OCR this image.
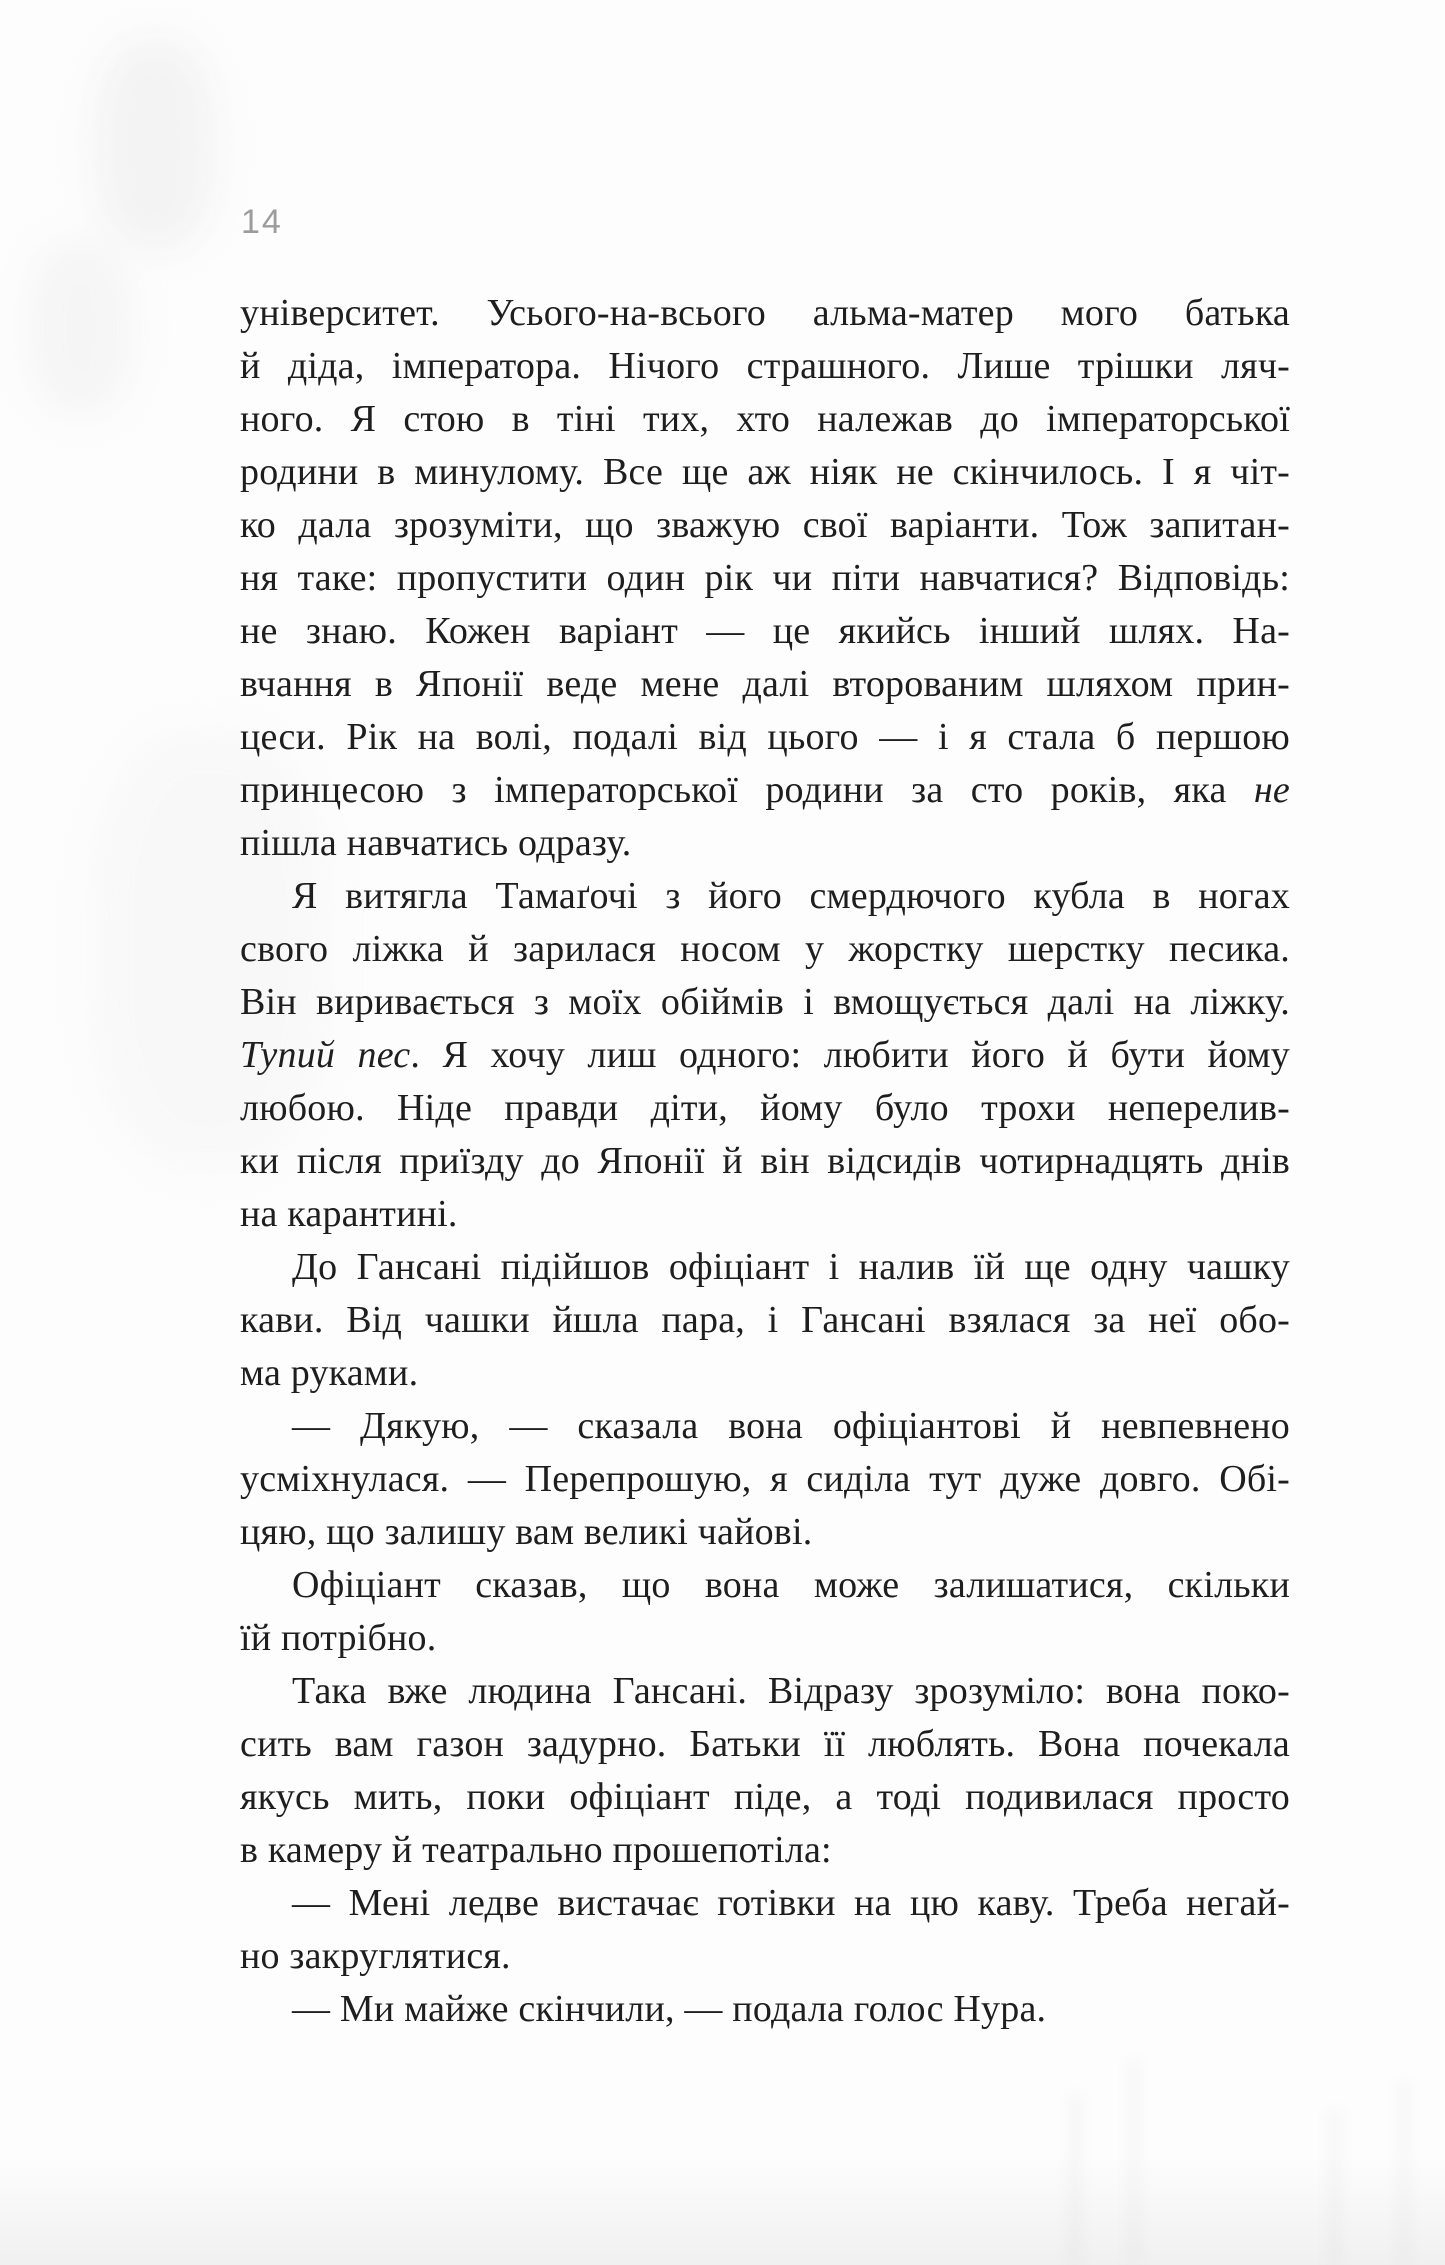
14

університет. Усього-на-всього альма-матер мого батька
й діда, імператора. Нічого страшного. Лише трішки ляч-
ного. Я стою в тіні тих, хто належав до імператорської
родини в минулому. Все ще аж ніяк не скінчилось. І я чіт-
ко дала зрозуміти, що зважую свої варіанти. Тож запитан-
ня таке: пропустити один рік чи піти навчатися? Відповідь:
не знаю. Кожен варіант — це якийсь інший шлях. На-
вчання в Японії веде мене далі второваним шляхом прин-
цеси. Рік на волі, подалі від цього — і я стала б першою
принцесою з імператорської родини за сто років, яка не
пішла навчатись одразу.

Я витягла Тамаґочі з його смердючого кубла в ногах
свого ліжка й зарилася носом у жорстку шерстку песика.
Він виривається з моїх обіймів і вмощується далі на ліжку.
Тупий пес. Я хочу лиш одного: любити його й бути йому
любою. Ніде правди діти, йому було трохи неперелив-
ки після приїзду до Японії й він відсидів чотирнадцять днів
на карантині.

До Гансані підійшов офіціант і налив їй ще одну чашку
кави. Від чашки йшла пара, і Гансані взялася за неї обо-
ма руками.

— Дякую, — сказала вона офіціантові й невпевнено
усміхнулася. — Перепрошую, я сиділа тут дуже довго. Обі-
цяю, що залишу вам великі чайові.

Офіціант сказав, що вона може залишатися, скільки
їй потрібно.

Така вже людина Гансані. Відразу зрозуміло: вона поко-
сить вам газон задурно. Батьки її люблять. Вона почекала
якусь мить, поки офіціант піде, а тоді подивилася просто
в камеру й театрально прошепотіла:

— Мені ледве вистачає готівки на цю каву. Треба негай-
но закруглятися.

— Ми майже скінчили, — подала голос Нура.
